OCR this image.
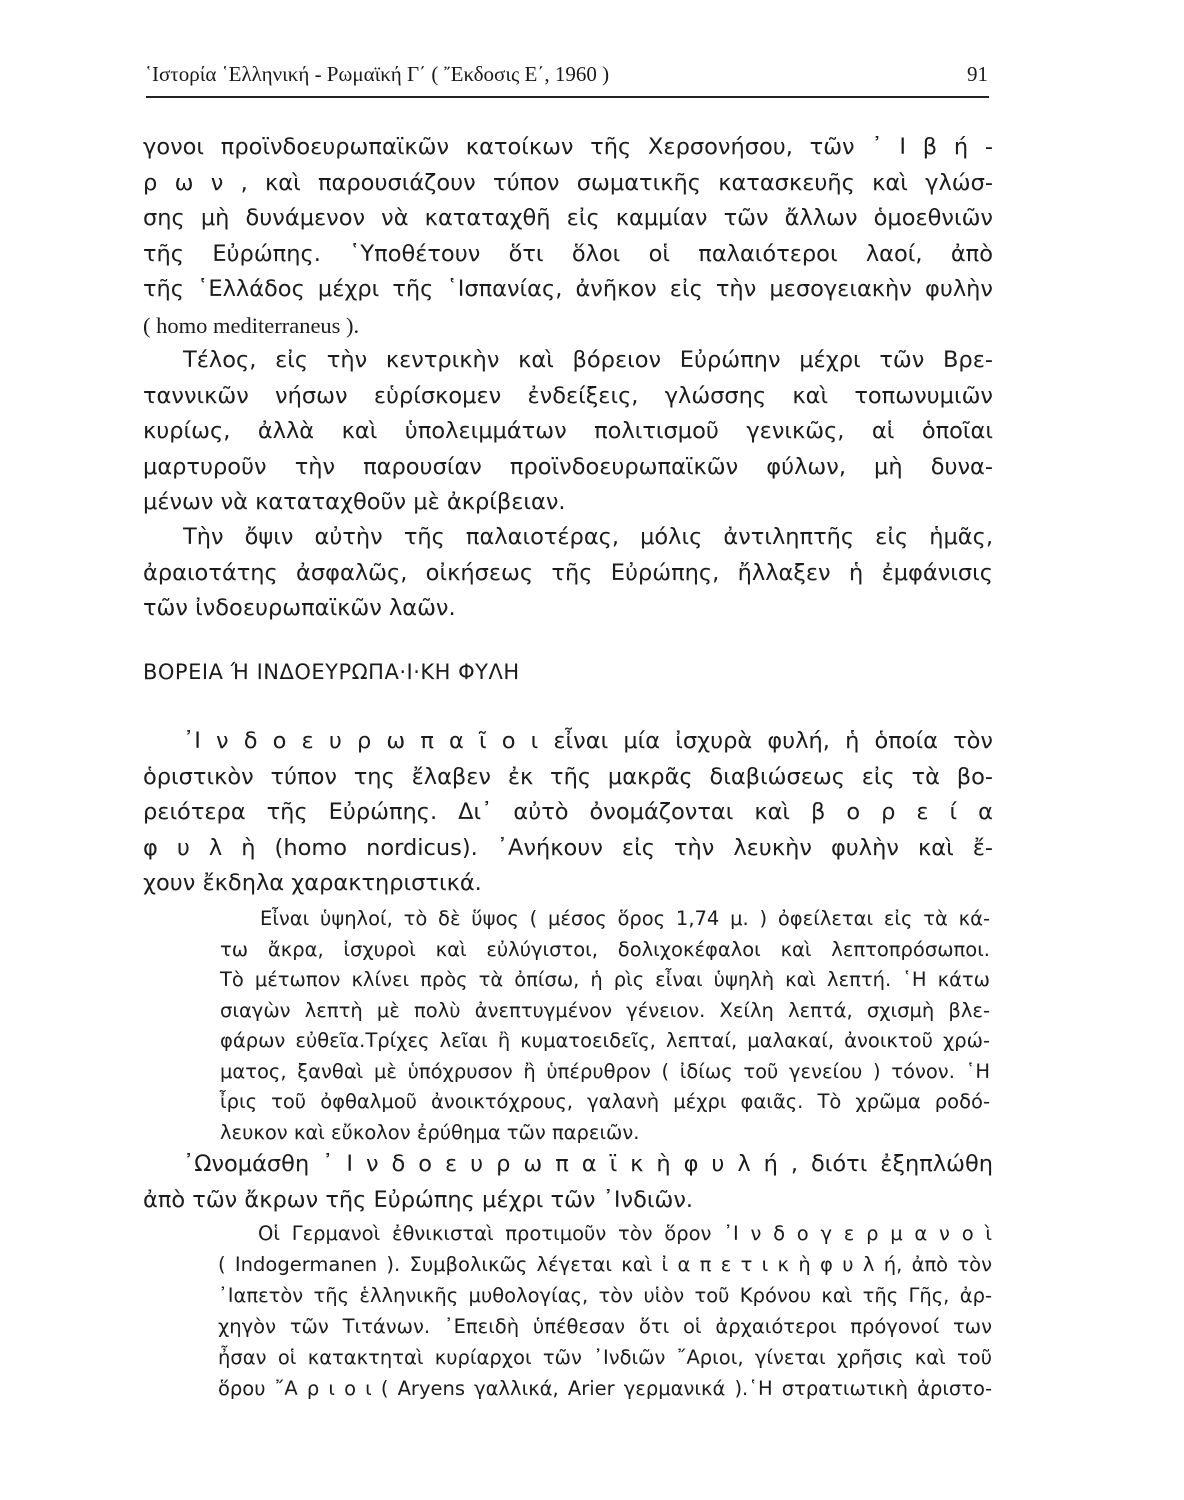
῾Ιστορία ῾Ελληνική - Ρωμαϊκή Γ΄ ( ῎Εκδοσις Ε΄, 1960 )	91
γονοι προϊνδοευρωπαϊκῶν κατοίκων τῆς Χερσονήσου, τῶν ᾽ Ι β ή -
ρ ω ν , καὶ παρουσιάζουν τύπον σωματικῆς κατασκευῆς καὶ γλώσ-
σης μὴ δυνάμενον νὰ καταταχθῆ εἰς καμμίαν τῶν ἄλλων ὁμοεθνιῶν
τῆς Εὐρώπης. ῾Υποθέτουν ὅτι ὅλοι οἱ παλαιότεροι λαοί, ἀπὸ
τῆς ῾Ελλάδος μέχρι τῆς ῾Ισπανίας, ἀνῆκον εἰς τὴν μεσογειακὴν φυλὴν
( homo mediterraneus ).
Τέλος, εἰς τὴν κεντρικὴν καὶ βόρειον Εὐρώπην μέχρι τῶν Βρε-
ταννικῶν νήσων εὑρίσκομεν ἐνδείξεις, γλώσσης καὶ τοπωνυμιῶν
κυρίως, ἀλλὰ καὶ ὑπολειμμάτων πολιτισμοῦ γενικῶς, αἱ ὁποῖαι
μαρτυροῦν τὴν παρουσίαν προϊνδοευρωπαϊκῶν φύλων, μὴ δυνα-
μένων νὰ καταταχθοῦν μὲ ἀκρίβειαν.
Τὴν ὄψιν αὐτὴν τῆς παλαιοτέρας, μόλις ἀντιληπτῆς εἰς ἡμᾶς,
ἀραιοτάτης ἀσφαλῶς, οἰκήσεως τῆς Εὐρώπης, ἤλλαξεν ἡ ἐμφάνισις
τῶν ἰνδοευρωπαϊκῶν λαῶν.
ΒΟΡΕΙΑ Ή ΙΝΔΟΕΥΡΩΠΑ·Ι·ΚΗ ΦΥΛΗ
᾽Ι ν δ ο ε υ ρ ω π α ῖ ο ι εἶναι μία ἰσχυρὰ φυλή, ἡ ὁποία τὸν
ὁριστικὸν τύπον της ἔλαβεν ἐκ τῆς μακρᾶς διαβιώσεως εἰς τὰ βο-
ρειότερα τῆς Εὐρώπης. Δι᾽ αὐτὸ ὀνομάζονται καὶ β ο ρ ε ί α
φ υ λ ὴ (homo nordicus). ᾽Ανήκουν εἰς τὴν λευκὴν φυλὴν καὶ ἔ-
χουν ἔκδηλα χαρακτηριστικά.
Εἶναι ὑψηλοί, τὸ δὲ ὕψος ( μέσος ὅρος 1,74 μ. ) ὀφείλεται εἰς τὰ κά-
τω ἄκρα, ἰσχυροὶ καὶ εὐλύγιστοι, δολιχοκέφαλοι καὶ λεπτοπρόσωποι.
Τὸ μέτωπον κλίνει πρὸς τὰ ὀπίσω, ἡ ρὶς εἶναι ὑψηλὴ καὶ λεπτή. ῾Η κάτω
σιαγὼν λεπτὴ μὲ πολὺ ἀνεπτυγμένον γένειον. Χείλη λεπτά, σχισμὴ βλε-
φάρων εὐθεῖα.Τρίχες λεῖαι ἢ κυματοειδεῖς, λεπταί, μαλακαί, ἀνοικτοῦ χρώ-
ματος, ξανθαὶ μὲ ὑπόχρυσον ἢ ὑπέρυθρον ( ἰδίως τοῦ γενείου ) τόνον. ῾Η
ἶρις τοῦ ὀφθαλμοῦ ἀνοικτόχρους, γαλανὴ μέχρι φαιᾶς. Τὸ χρῶμα ροδό-
λευκον καὶ εὔκολον ἐρύθημα τῶν παρειῶν.
᾽Ωνομάσθη ᾽ Ι ν δ ο ε υ ρ ω π α ϊ κ ὴ φ υ λ ή , διότι ἐξηπλώθη
ἀπὸ τῶν ἄκρων τῆς Εὐρώπης μέχρι τῶν ᾽Ινδιῶν.
Οἱ Γερμανοὶ ἐθνικισταὶ προτιμοῦν τὸν ὅρον ᾽Ι ν δ ο γ ε ρ μ α ν ο ὶ
( Indogermanen ). Συμβολικῶς λέγεται καὶ ἰ α π ε τ ι κ ὴ φ υ λ ή, ἀπὸ τὸν
᾽Ιαπετὸν τῆς ἑλληνικῆς μυθολογίας, τὸν υἱὸν τοῦ Κρόνου καὶ τῆς Γῆς, ἀρ-
χηγὸν τῶν Τιτάνων. ᾽Επειδὴ ὑπέθεσαν ὅτι οἱ ἀρχαιότεροι πρόγονοί των
ἦσαν οἱ κατακτηταὶ κυρίαρχοι τῶν ᾽Ινδιῶν ῎Αριοι, γίνεται χρῆσις καὶ τοῦ
ὅρου ῎Α ρ ι ο ι ( Aryens γαλλικά, Arier γερμανικά ).῾Η στρατιωτικὴ ἀριστο-
